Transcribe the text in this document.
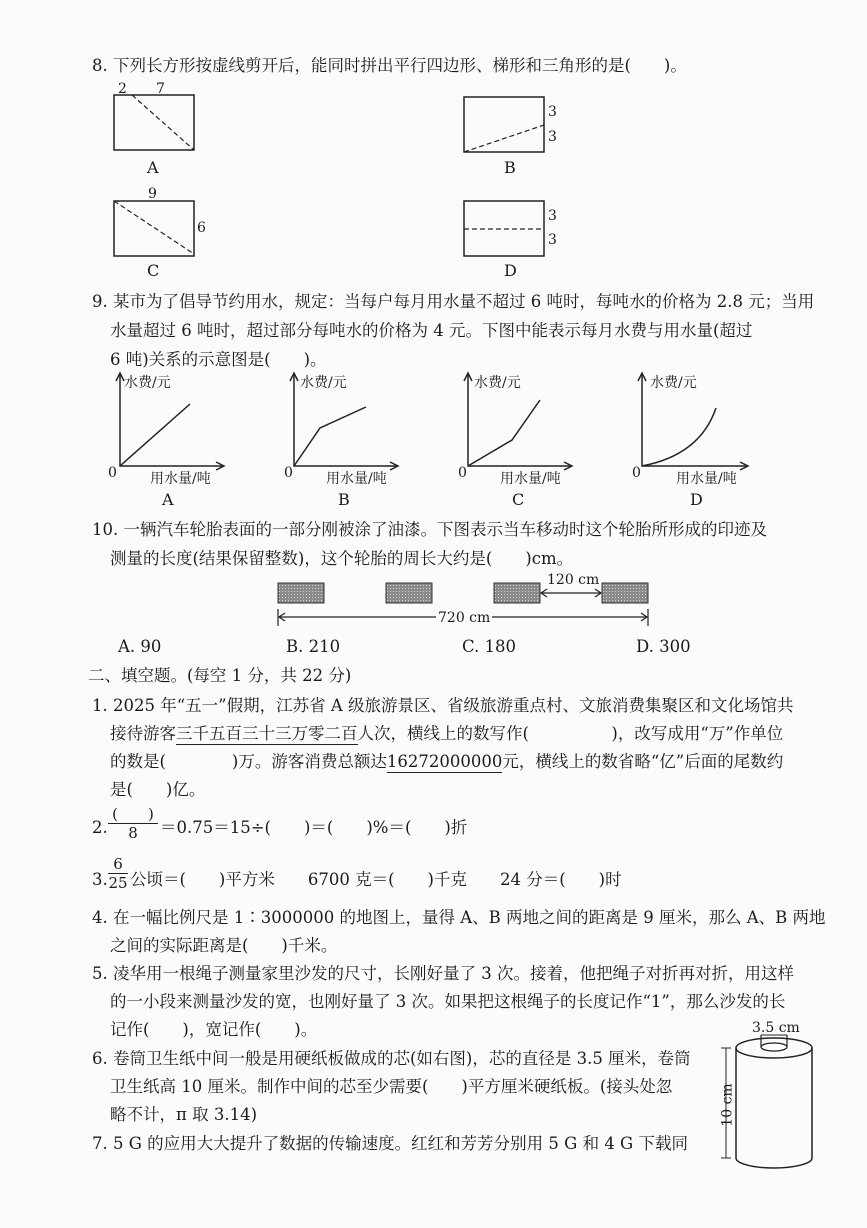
8. 下列长方形按虚线剪开后，能同时拼出平行四边形、梯形和三角形的是(　　)。
2 7
A
3
3
B
9
6
C
3
3
D
9. 某市为了倡导节约用水，规定：当每户每月用水量不超过 6 吨时，每吨水的价格为 2.8 元；当用
水量超过 6 吨时，超过部分每吨水的价格为 4 元。下图中能表示每月水费与用水量(超过
6 吨)关系的示意图是(　　)。
水费/元
0 用水量/吨
A
水费/元
0 用水量/吨
B
水费/元
0 用水量/吨
C
水费/元
0	用水量/吨
D
10. 一辆汽车轮胎表面的一部分刚被涂了油漆。下图表示当车移动时这个轮胎所形成的印迹及
测量的长度(结果保留整数)，这个轮胎的周长大约是(　　)cm。
120 cm
720 cm
A. 90	B. 210	C. 180	D. 300
二、填空题。(每空 1 分，共 22 分)
1. 2025 年“五一”假期，江苏省 A 级旅游景区、省级旅游重点村、文旅消费集聚区和文化场馆共
接待游客三千五百三十三万零二百人次，横线上的数写作(　　　　　)，改写成用“万”作单位
的数是(　　　　)万。游客消费总额达16272000000元，横线上的数省略“亿”后面的尾数约
是(　　)亿。
2.
(　　)
8	＝0.75＝15÷(　　)＝(　　)%＝(　　)折
3.
6
25 公顷＝(　　)平方米　　6700 克＝(　　)千克　　24 分＝(　　)时
4. 在一幅比例尺是 1∶3000000 的地图上，量得 A、B 两地之间的距离是 9 厘米，那么 A、B 两地
之间的实际距离是(　　)千米。
5. 凌华用一根绳子测量家里沙发的尺寸，长刚好量了 3 次。接着，他把绳子对折再对折，用这样
的一小段来测量沙发的宽，也刚好量了 3 次。如果把这根绳子的长度记作“1”，那么沙发的长
记作(　　)，宽记作(　　)。
6. 卷筒卫生纸中间一般是用硬纸板做成的芯(如右图)，芯的直径是 3.5 厘米，卷筒
卫生纸高 10 厘米。制作中间的芯至少需要(　　)平方厘米硬纸板。(接头处忽
略不计，π 取 3.14)
3.5 cm
10 cm
7. 5 G 的应用大大提升了数据的传输速度。红红和芳芳分别用 5 G 和 4 G 下载同
